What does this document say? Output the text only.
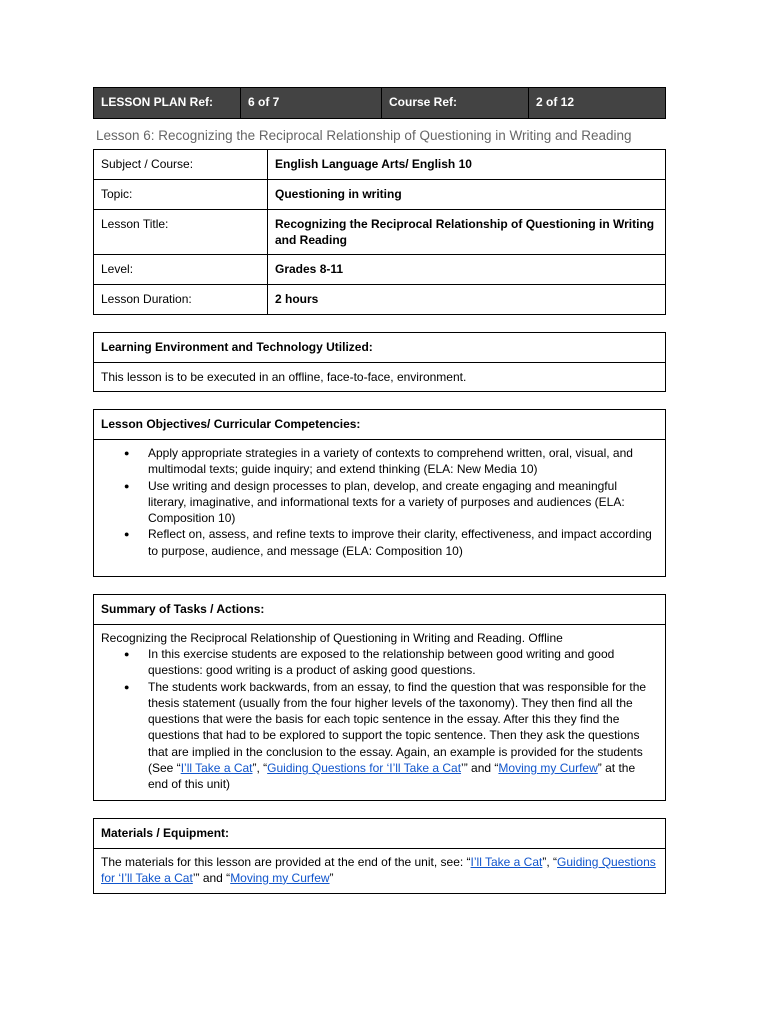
LESSON PLAN Ref:	6 of 7	Course Ref:	2 of 12
Lesson 6: Recognizing the Reciprocal Relationship of Questioning in Writing and Reading
Subject / Course:	English Language Arts/ English 10
Topic:	Questioning in writing
Lesson Title:	Recognizing the Reciprocal Relationship of Questioning in Writing and Reading
Level:	Grades 8-11
Lesson Duration:	2 hours
Learning Environment and Technology Utilized:
This lesson is to be executed in an offline, face-to-face, environment.
Lesson Objectives/ Curricular Competencies:

● Apply appropriate strategies in a variety of contexts to comprehend written, oral, visual, and multimodal texts; guide inquiry; and extend thinking (ELA: New Media 10)
● Use writing and design processes to plan, develop, and create engaging and meaningful literary, imaginative, and informational texts for a variety of purposes and audiences (ELA: Composition 10)
● Reflect on, assess, and refine texts to improve their clarity, effectiveness, and impact according to purpose, audience, and message (ELA: Composition 10)
Summary of Tasks / Actions:

Recognizing the Reciprocal Relationship of Questioning in Writing and Reading. Offline
● In this exercise students are exposed to the relationship between good writing and good questions: good writing is a product of asking good questions.
● The students work backwards, from an essay, to find the question that was responsible for the thesis statement (usually from the four higher levels of the taxonomy). They then find all the questions that were the basis for each topic sentence in the essay. After this they find the questions that had to be explored to support the topic sentence. Then they ask the questions that are implied in the conclusion to the essay. Again, an example is provided for the students (See “I’ll Take a Cat”, “Guiding Questions for ‘I’ll Take a Cat’” and “Moving my Curfew” at the end of this unit)
Materials / Equipment:
The materials for this lesson are provided at the end of the unit, see: “I’ll Take a Cat”, “Guiding Questions for ‘I’ll Take a Cat’” and “Moving my Curfew”
